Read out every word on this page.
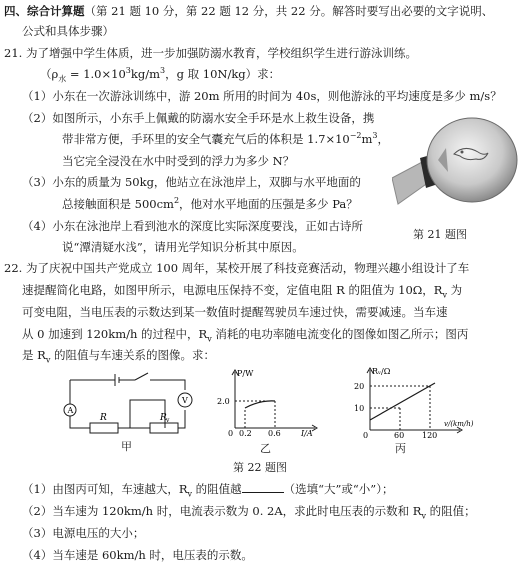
四、综合计算题（第 21 题 10 分，第 22 题 12 分，共 22 分。解答时要写出必要的文字说明、
公式和具体步骤）
21. 为了增强中学生体质，进一步加强防溺水教育，学校组织学生进行游泳训练。
（$\rho_水 = 1.0\times 10^3kg/m^3$，g 取 10N/kg）求：
（1）小东在一次游泳训练中，游 20m 所用的时间为 40s，则他游泳的平均速度是多少 m/s？
（2）如图所示，小东手上佩戴的防溺水安全手环是水上救生设备，携
带非常方便，手环里的安全气囊充气后的体积是 $1.7\times 10^{-2}m^3$，
当它完全浸没在水中时受到的浮力为多少 N？
（3）小东的质量为 50kg，他站立在泳池岸上，双脚与水平地面的
总接触面积是 $500cm^2$，他对水平地面的压强是多少 Pa？
（4）小东在泳池岸上看到池水的深度比实际深度要浅，正如古诗所
说“潭清疑水浅”，请用光学知识分析其中原因。
第 21 题图
22. 为了庆祝中国共产党成立 100 周年，某校开展了科技竞赛活动，物理兴趣小组设计了车
速提醒简化电路，如图甲所示，电源电压保持不变，定值电阻 R 的阻值为 10Ω，$R_v$ 为
可变电阻，当电压表的示数达到某一数值时提醒驾驶员车速过快，需要减速。当车速
从 0 加速到 120km/h 的过程中，$R_v$ 消耗的电功率随电流变化的图像如图乙所示；图丙
是 $R_v$ 的阻值与车速关系的图像。求：
A
V
R	R v
甲
P/W
2.0
0 0.2 0.6	I/A
乙
Rᵥ/Ω
20
10
0	60 120
v/(km/h)
丙
第 22 题图
（1）由图丙可知，车速越大，$R_v$ 的阻值越	（选填“大”或“小”）；
（2）当车速为 120km/h 时，电流表示数为 0. 2A，求此时电压表的示数和 $R_v$ 的阻值；
（3）电源电压的大小；
（4）当车速是 60km/h 时，电压表的示数。
